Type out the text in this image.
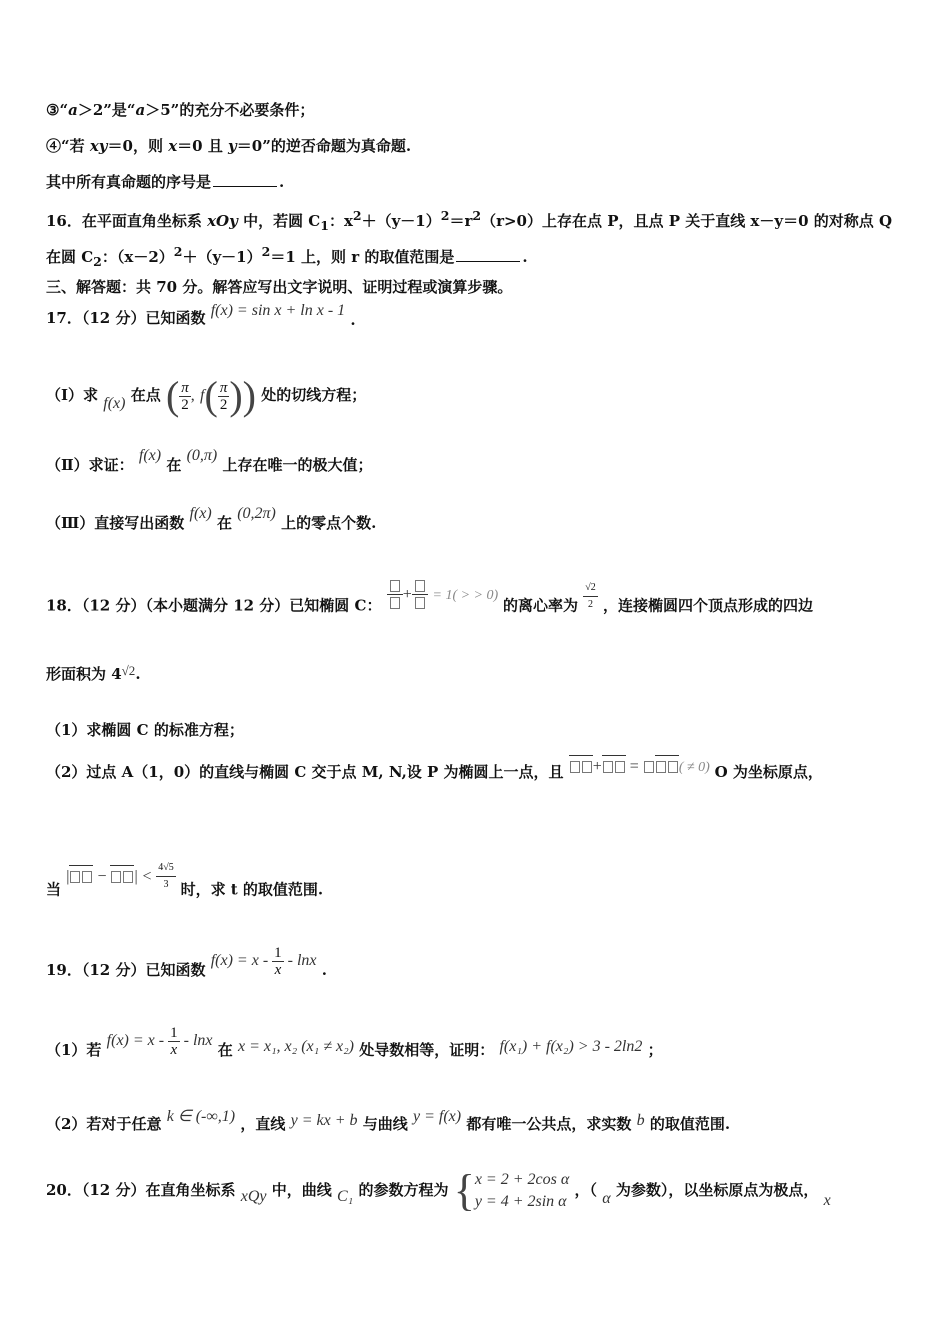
③“a＞2”是“a＞5”的充分不必要条件；
④“若 xy＝0，则 x＝0 且 y＝0”的逆否命题为真命题.
其中所有真命题的序号是	.
16．在平面直角坐标系 xOy 中，若圆 $C_1$：$x^2+(y-1)^2=r^2(r>0)$上存在点 P，且点 P 关于直线 x－y＝0 的对称点 Q
在圆 $C_2$：$(x-2)^2+(y-1)^2=1$ 上，则 r 的取值范围是	.
三、解答题：共 70 分。解答应写出文字说明、证明过程或演算步骤。
17．（12 分）已知函数 f(x) = sin x + ln x - 1 .
（Ⅰ）求 f(x) 在点 ( $\frac{\pi}{2}$ , $f( \frac{\pi}{2}$ )) 处的切线方程；
（Ⅱ）求证： f(x) 在 (0,π) 上存在唯一的极大值；
（Ⅲ）直接写出函数 f(x) 在 (0,2π) 上的零点个数.
18．（12 分）（本小题满分 12 分）已知椭圆 C：
+ = 1( > > 0) 的离心率为 $\frac{√2}{2}$ ，连接椭圆四个顶点形成的四边
形面积为 4√2.
（1）求椭圆 C 的标准方程；
（2）过点 A（1，0）的直线与椭圆 C 交于点 M, N,设 P 为椭圆上一点，且 + =	( ≠ 0) O 为坐标原点，
当 | − | < $\frac{4√5}{3}$ 时，求 t 的取值范围.
19．（12 分）已知函数 $f(x) = x - \frac{1}{x} - \ln x$ .
（1）若 $f(x) = x - \frac{1}{x} - \ln x$ 在 x = x₁, x₂ (x₁ ≠ x₂) 处导数相等，证明： f(x₁) + f(x₂) > 3 - 2ln2 ；
（2）若对于任意 k ∈ (-∞,1) ，直线 y = kx + b 与曲线 y = f(x) 都有唯一公共点，求实数 b 的取值范围.
20．（12 分）在直角坐标系 xQy 中，曲线 C₁ 的参数方程为 { x = 2 + 2cos α
y = 4 + 2sin α
，（ α 为参数），以坐标原点为极点， x
